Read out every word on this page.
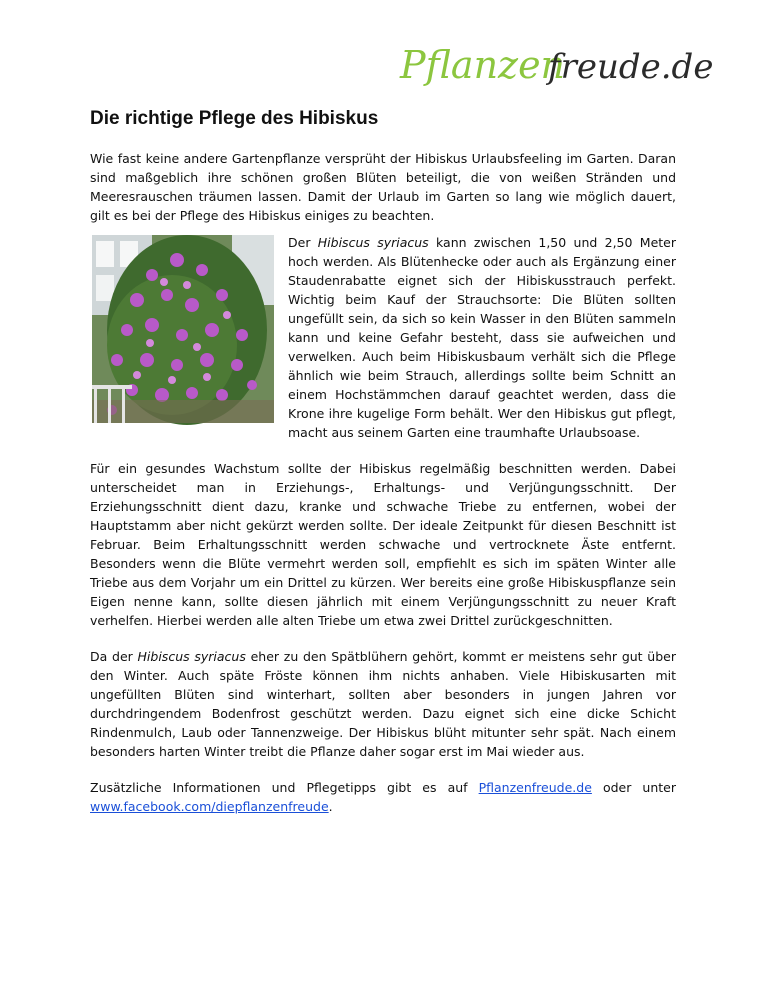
Pflanzen
freude.de
Die richtige Pflege des Hibiskus

Wie fast keine andere Gartenpflanze versprüht der Hibiskus Urlaubsfeeling im Garten. Daran sind maßgeblich ihre schönen großen Blüten beteiligt, die von weißen Stränden und Meeresrauschen träumen lassen. Damit der Urlaub im Garten so lang wie möglich dauert, gilt es bei der Pflege des Hibiskus einiges zu beachten.

Der Hibiscus syriacus kann zwischen 1,50 und 2,50 Meter hoch werden. Als Blütenhecke oder auch als Ergänzung einer Staudenrabatte eignet sich der Hibiskusstrauch perfekt. Wichtig beim Kauf der Strauchsorte: Die Blüten sollten ungefüllt sein, da sich so kein Wasser in den Blüten sammeln kann und keine Gefahr besteht, dass sie aufweichen und verwelken. Auch beim Hibiskusbaum verhält sich die Pflege ähnlich wie beim Strauch, allerdings sollte beim Schnitt an einem Hochstämmchen darauf geachtet werden, dass die Krone ihre kugelige Form behält. Wer den Hibiskus gut pflegt, macht aus seinem Garten eine traumhafte Urlaubsoase.

Für ein gesundes Wachstum sollte der Hibiskus regelmäßig beschnitten werden. Dabei unterscheidet man in Erziehungs-, Erhaltungs- und Verjüngungsschnitt. Der Erziehungsschnitt dient dazu, kranke und schwache Triebe zu entfernen, wobei der Hauptstamm aber nicht gekürzt werden sollte. Der ideale Zeitpunkt für diesen Beschnitt ist Februar. Beim Erhaltungsschnitt werden schwache und vertrocknete Äste entfernt. Besonders wenn die Blüte vermehrt werden soll, empfiehlt es sich im späten Winter alle Triebe aus dem Vorjahr um ein Drittel zu kürzen. Wer bereits eine große Hibiskuspflanze sein Eigen nenne kann, sollte diesen jährlich mit einem Verjüngungsschnitt zu neuer Kraft verhelfen. Hierbei werden alle alten Triebe um etwa zwei Drittel zurückgeschnitten.

Da der Hibiscus syriacus eher zu den Spätblühern gehört, kommt er meistens sehr gut über den Winter. Auch späte Fröste können ihm nichts anhaben. Viele Hibiskusarten mit ungefüllten Blüten sind winterhart, sollten aber besonders in jungen Jahren vor durchdringendem Bodenfrost geschützt werden. Dazu eignet sich eine dicke Schicht Rindenmulch, Laub oder Tannenzweige. Der Hibiskus blüht mitunter sehr spät. Nach einem besonders harten Winter treibt die Pflanze daher sogar erst im Mai wieder aus.

Zusätzliche Informationen und Pflegetipps gibt es auf Pflanzenfreude.de oder unter www.facebook.com/diepflanzenfreude.
